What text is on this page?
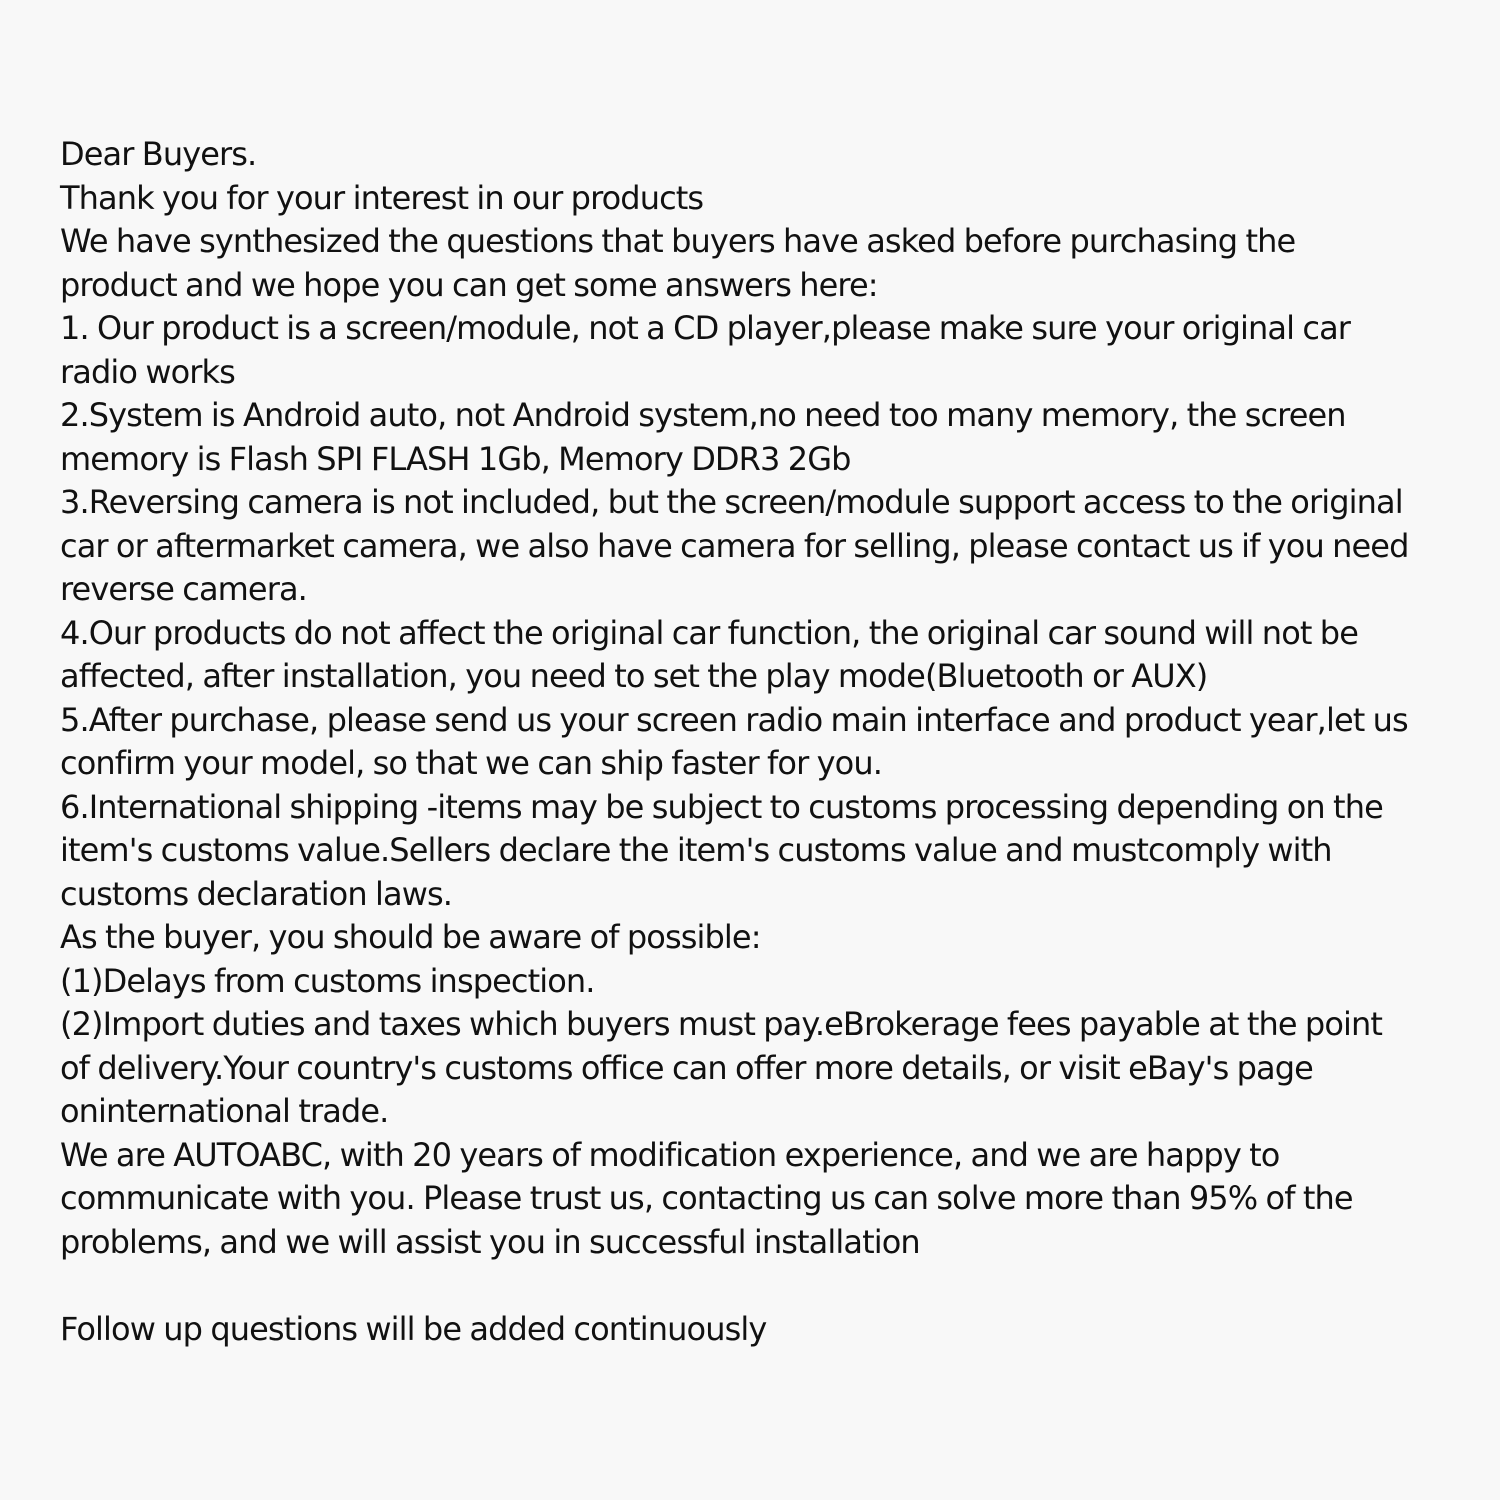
Dear Buyers.
Thank you for your interest in our products
We have synthesized the questions that buyers have asked before purchasing the
product and we hope you can get some answers here:
1. Our product is a screen/module, not a CD player,please make sure your original car
radio works
2.System is Android auto, not Android system,no need too many memory, the screen
memory is Flash SPI FLASH 1Gb, Memory DDR3 2Gb
3.Reversing camera is not included, but the screen/module support access to the original
car or aftermarket camera, we also have camera for selling, please contact us if you need
reverse camera.
4.Our products do not affect the original car function, the original car sound will not be
affected, after installation, you need to set the play mode(Bluetooth or AUX)
5.After purchase, please send us your screen radio main interface and product year,let us
confirm your model, so that we can ship faster for you.
6.International shipping -items may be subject to customs processing depending on the
item's customs value.Sellers declare the item's customs value and mustcomply with
customs declaration laws.
As the buyer, you should be aware of possible:
(1)Delays from customs inspection.
(2)Import duties and taxes which buyers must pay.eBrokerage fees payable at the point
of delivery.Your country's customs office can offer more details, or visit eBay's page
oninternational trade.
We are AUTOABC, with 20 years of modification experience, and we are happy to
communicate with you. Please trust us, contacting us can solve more than 95% of the
problems, and we will assist you in successful installation
Follow up questions will be added continuously
